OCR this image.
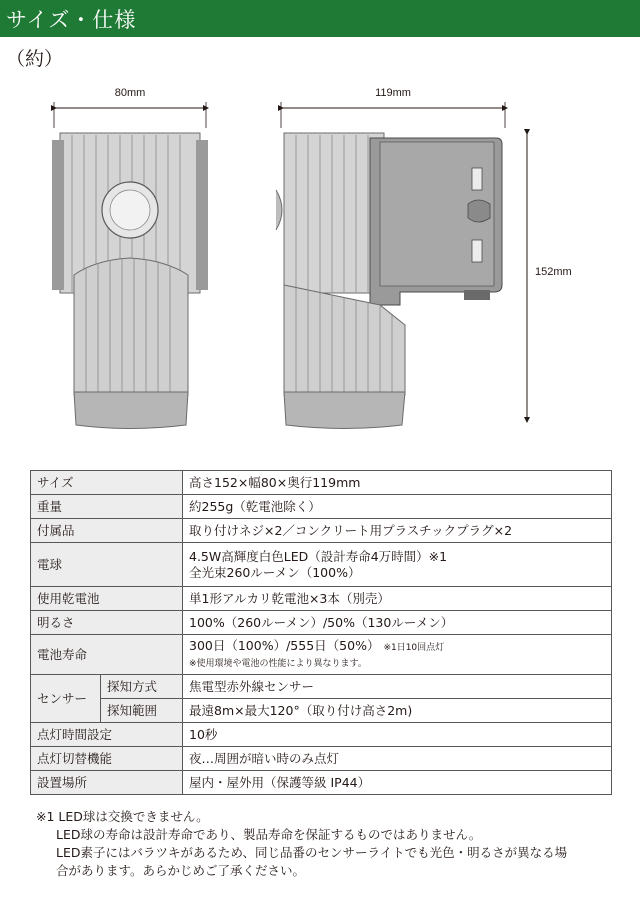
サイズ・仕様
（約）
80mm	119mm
152mm
サイズ		高さ152×幅80×奥行119mm
重量		約255g（乾電池除く）
付属品		取り付けネジ×2／コンクリート用プラスチックプラグ×2
電球		4.5W高輝度白色LED（設計寿命4万時間）※1
全光束260ルーメン（100%）

使用乾電池		単1形アルカリ乾電池×3本（別売）
明るさ		100%（260ルーメン）/50%（130ルーメン）
電池寿命		300日（100%）/555日（50%） ※1日10回点灯
※使用環境や電池の性能により異なります。

センサー	探知方式	焦電型赤外線センサー
	探知範囲	最遠8m×最大120°（取り付け高さ2m)
点灯時間設定		10秒
点灯切替機能		夜…周囲が暗い時のみ点灯
設置場所		屋内・屋外用（保護等級 IP44）
※1 LED球は交換できません。
LED球の寿命は設計寿命であり、製品寿命を保証するものではありません。
LED素子にはバラツキがあるため、同じ品番のセンサーライトでも光色・明るさが異なる場
合があります。あらかじめご了承ください。
